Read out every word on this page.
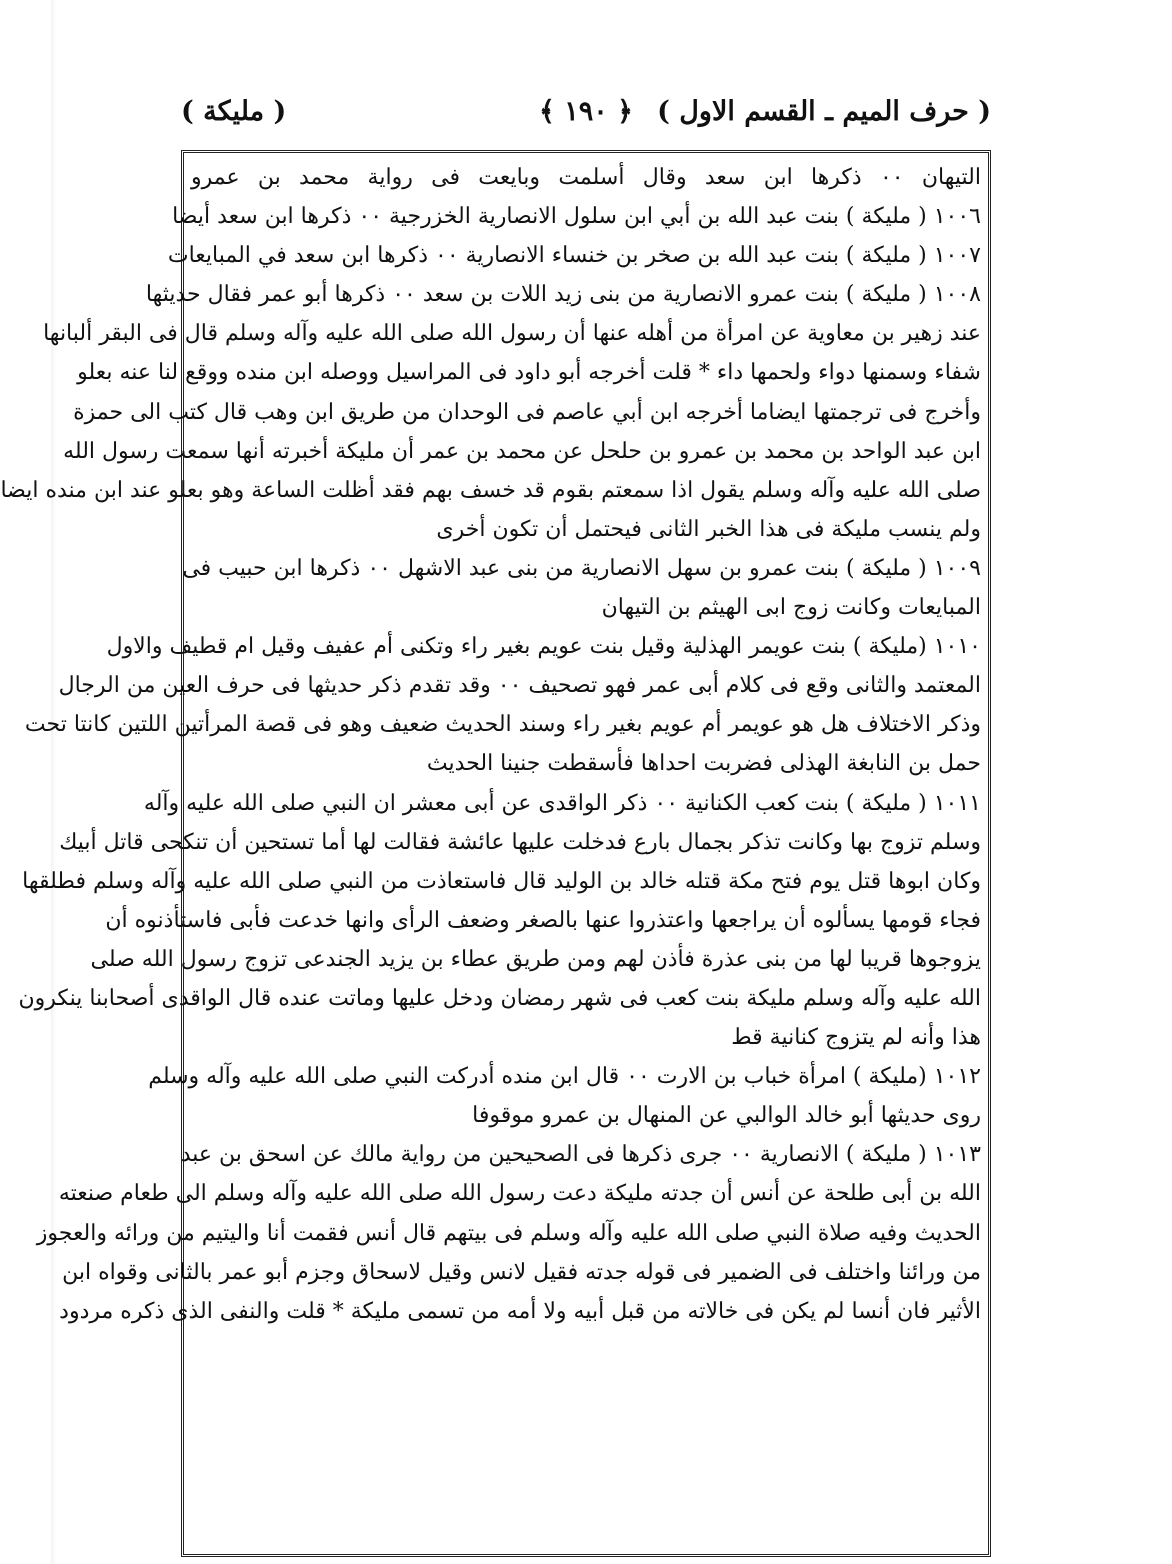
( حرف الميم ـ القسم الاول )
﴿ ١٩٠ ﴾
( مليكة )
التيهان ٠٠ ذكرها ابن سعد وقال أسلمت وبايعت فى رواية محمد بن عمرو
١٠٠٦ ( مليكة ) بنت عبد الله بن أبي ابن سلول الانصارية الخزرجية ٠٠ ذكرها ابن سعد أيضا
١٠٠٧ ( مليكة ) بنت عبد الله بن صخر بن خنساء الانصارية ٠٠ ذكرها ابن سعد في المبايعات
١٠٠٨ ( مليكة ) بنت عمرو الانصارية من بنى زيد اللات بن سعد ٠٠ ذكرها أبو عمر فقال حديثها
عند زهير بن معاوية عن امرأة من أهله عنها أن رسول الله صلى الله عليه وآله وسلم قال فى البقر ألبانها
شفاء وسمنها دواء ولحمها داء * قلت أخرجه أبو داود فى المراسيل ووصله ابن منده ووقع لنا عنه بعلو
وأخرج فى ترجمتها ايضاما أخرجه ابن أبي عاصم فى الوحدان من طريق ابن وهب قال كتب الى حمزة
ابن عبد الواحد بن محمد بن عمرو بن حلحل عن محمد بن عمر أن مليكة أخبرته أنها سمعت رسول الله
صلى الله عليه وآله وسلم يقول اذا سمعتم بقوم قد خسف بهم فقد أظلت الساعة وهو بعلو عند ابن منده ايضا
ولم ينسب مليكة فى هذا الخبر الثانى فيحتمل أن تكون أخرى
١٠٠٩ ( مليكة ) بنت عمرو بن سهل الانصارية من بنى عبد الاشهل ٠٠ ذكرها ابن حبيب فى
المبايعات وكانت زوج ابى الهيثم بن التيهان
١٠١٠ (مليكة ) بنت عويمر الهذلية وقيل بنت عويم بغير راء وتكنى أم عفيف وقيل ام قطيف والاول
المعتمد والثانى وقع فى كلام أبى عمر فهو تصحيف ٠٠ وقد تقدم ذكر حديثها فى حرف العين من الرجال
وذكر الاختلاف هل هو عويمر أم عويم بغير راء وسند الحديث ضعيف وهو فى قصة المرأتين اللتين كانتا تحت
حمل بن النابغة الهذلى فضربت احداها فأسقطت جنينا الحديث
١٠١١ ( مليكة ) بنت كعب الكنانية ٠٠ ذكر الواقدى عن أبى معشر ان النبي صلى الله عليه وآله
وسلم تزوج بها وكانت تذكر بجمال بارع فدخلت عليها عائشة فقالت لها أما تستحين أن تنكحى قاتل أبيك
وكان ابوها قتل يوم فتح مكة قتله خالد بن الوليد قال فاستعاذت من النبي صلى الله عليه وآله وسلم فطلقها
فجاء قومها يسألوه أن يراجعها واعتذروا عنها بالصغر وضعف الرأى وانها خدعت فأبى فاستأذنوه أن
يزوجوها قريبا لها من بنى عذرة فأذن لهم ومن طريق عطاء بن يزيد الجندعى تزوج رسول الله صلى
الله عليه وآله وسلم مليكة بنت كعب فى شهر رمضان ودخل عليها وماتت عنده قال الواقدى أصحابنا ينكرون
هذا وأنه لم يتزوج كنانية قط
١٠١٢ (مليكة ) امرأة خباب بن الارت ٠٠ قال ابن منده أدركت النبي صلى الله عليه وآله وسلم
روى حديثها أبو خالد الوالبي عن المنهال بن عمرو موقوفا
١٠١٣ ( مليكة ) الانصارية ٠٠ جرى ذكرها فى الصحيحين من رواية مالك عن اسحق بن عبد
الله بن أبى طلحة عن أنس أن جدته مليكة دعت رسول الله صلى الله عليه وآله وسلم الى طعام صنعته
الحديث وفيه صلاة النبي صلى الله عليه وآله وسلم فى بيتهم قال أنس فقمت أنا واليتيم من ورائه والعجوز
من ورائنا واختلف فى الضمير فى قوله جدته فقيل لانس وقيل لاسحاق وجزم أبو عمر بالثانى وقواه ابن
الأثير فان أنسا لم يكن فى خالاته من قبل أبيه ولا أمه من تسمى مليكة * قلت والنفى الذى ذكره مردود
